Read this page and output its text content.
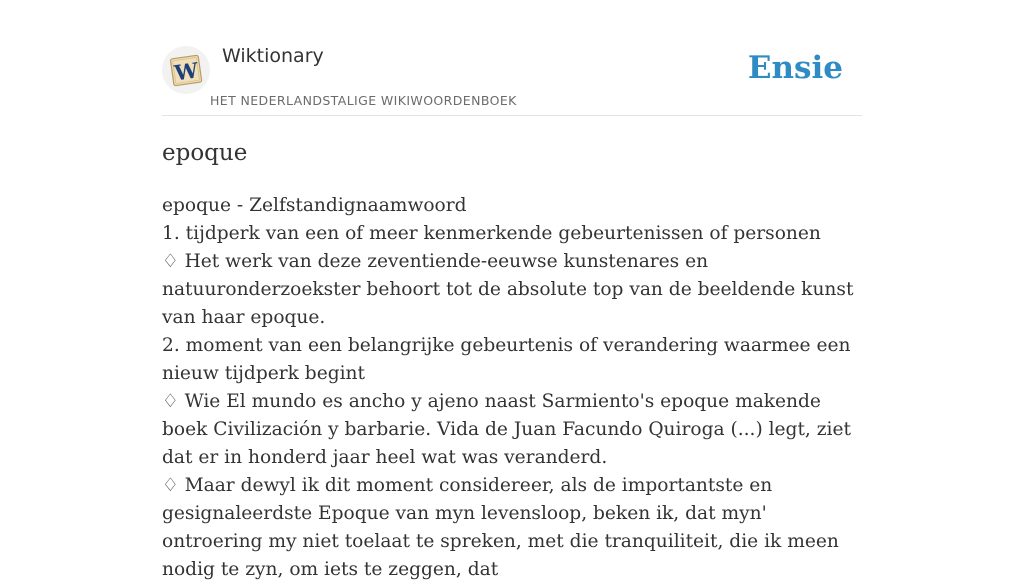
W
Wiktionary
HET NEDERLANDSTALIGE WIKIWOORDENBOEK
Ensie
epoque

epoque - Zelfstandignaamwoord

1. tijdperk van een of meer kenmerkende gebeurtenissen of personen

♢ Het werk van deze zeventiende-eeuwse kunstenares en natuuronderzoekster behoort tot de absolute top van de beeldende kunst van haar epoque.

2. moment van een belangrijke gebeurtenis of verandering waarmee een nieuw tijdperk begint

♢ Wie El mundo es ancho y ajeno naast Sarmiento's epoque makende boek Civilización y barbarie. Vida de Juan Facundo Quiroga (...) legt, ziet dat er in honderd jaar heel wat was veranderd.

♢ Maar dewyl ik dit moment considereer, als de importantste en gesignaleerdste Epoque van myn levensloop, beken ik, dat myn' ontroering my niet toelaat te spreken, met die tranquiliteit, die ik meen nodig te zyn, om iets te zeggen, dat
